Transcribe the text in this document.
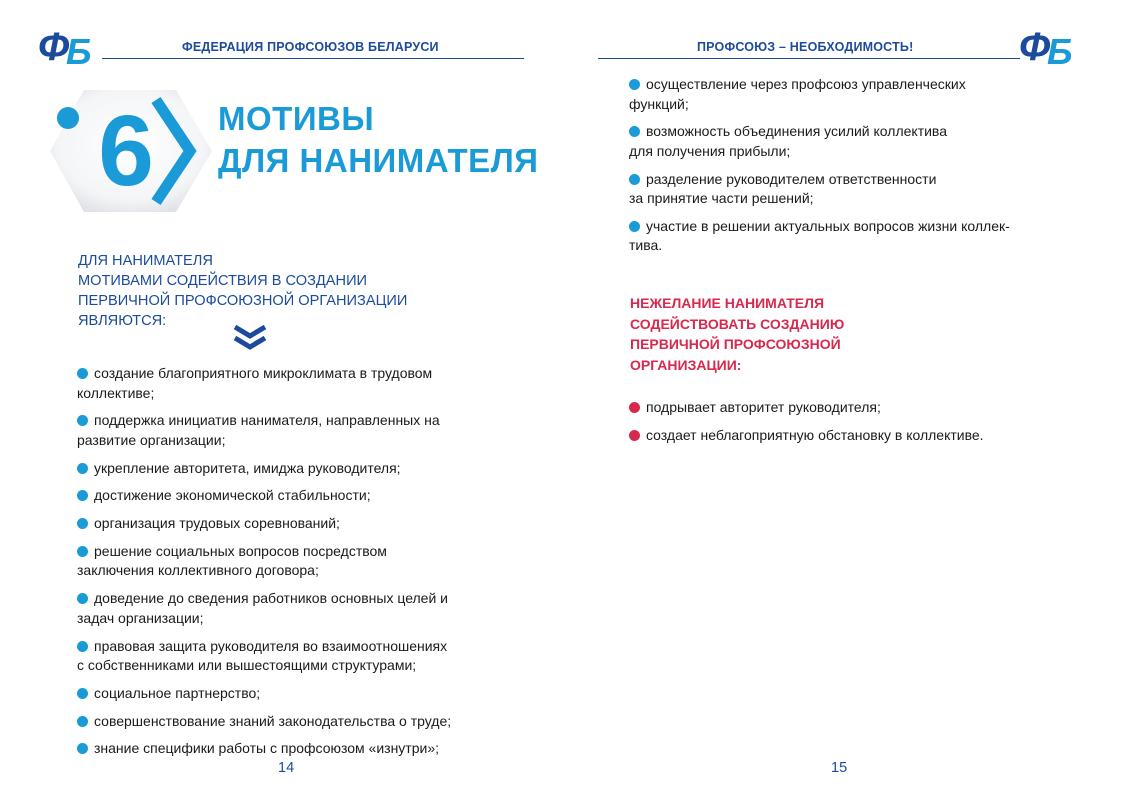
Ф
Б	ФЕДЕРАЦИЯ ПРОФСОЮЗОВ БЕЛАРУСИ
6	МОТИВЫ
ДЛЯ НАНИМАТЕЛЯ
ДЛЯ НАНИМАТЕЛЯ
МОТИВАМИ СОДЕЙСТВИЯ В СОЗДАНИИ
ПЕРВИЧНОЙ ПРОФСОЮЗНОЙ ОРГАНИЗАЦИИ
ЯВЛЯЮТСЯ:
создание благоприятного микроклимата в трудовом
коллективе;
поддержка инициатив нанимателя, направленных на
развитие организации;
укрепление авторитета, имиджа руководителя;
достижение экономической стабильности;
организация трудовых соревнований;
решение социальных вопросов посредством
заключения коллективного договора;
доведение до сведения работников основных целей и
задач организации;
правовая защита руководителя во взаимоотношениях
с собственниками или вышестоящими структурами;
социальное партнерство;
совершенствование знаний законодательства о труде;
знание специфики работы с профсоюзом «изнутри»;
14
ПРОФСОЮЗ – НЕОБХОДИМОСТЬ!	Ф
Б
осуществление через профсоюз управленческих
функций;
возможность объединения усилий коллектива
для получения прибыли;
разделение руководителем ответственности
за принятие части решений;
участие в решении актуальных вопросов жизни коллек-
тива.
НЕЖЕЛАНИЕ НАНИМАТЕЛЯ
СОДЕЙСТВОВАТЬ СОЗДАНИЮ
ПЕРВИЧНОЙ ПРОФСОЮЗНОЙ
ОРГАНИЗАЦИИ:
подрывает авторитет руководителя;
создает неблагоприятную обстановку в коллективе.
15
